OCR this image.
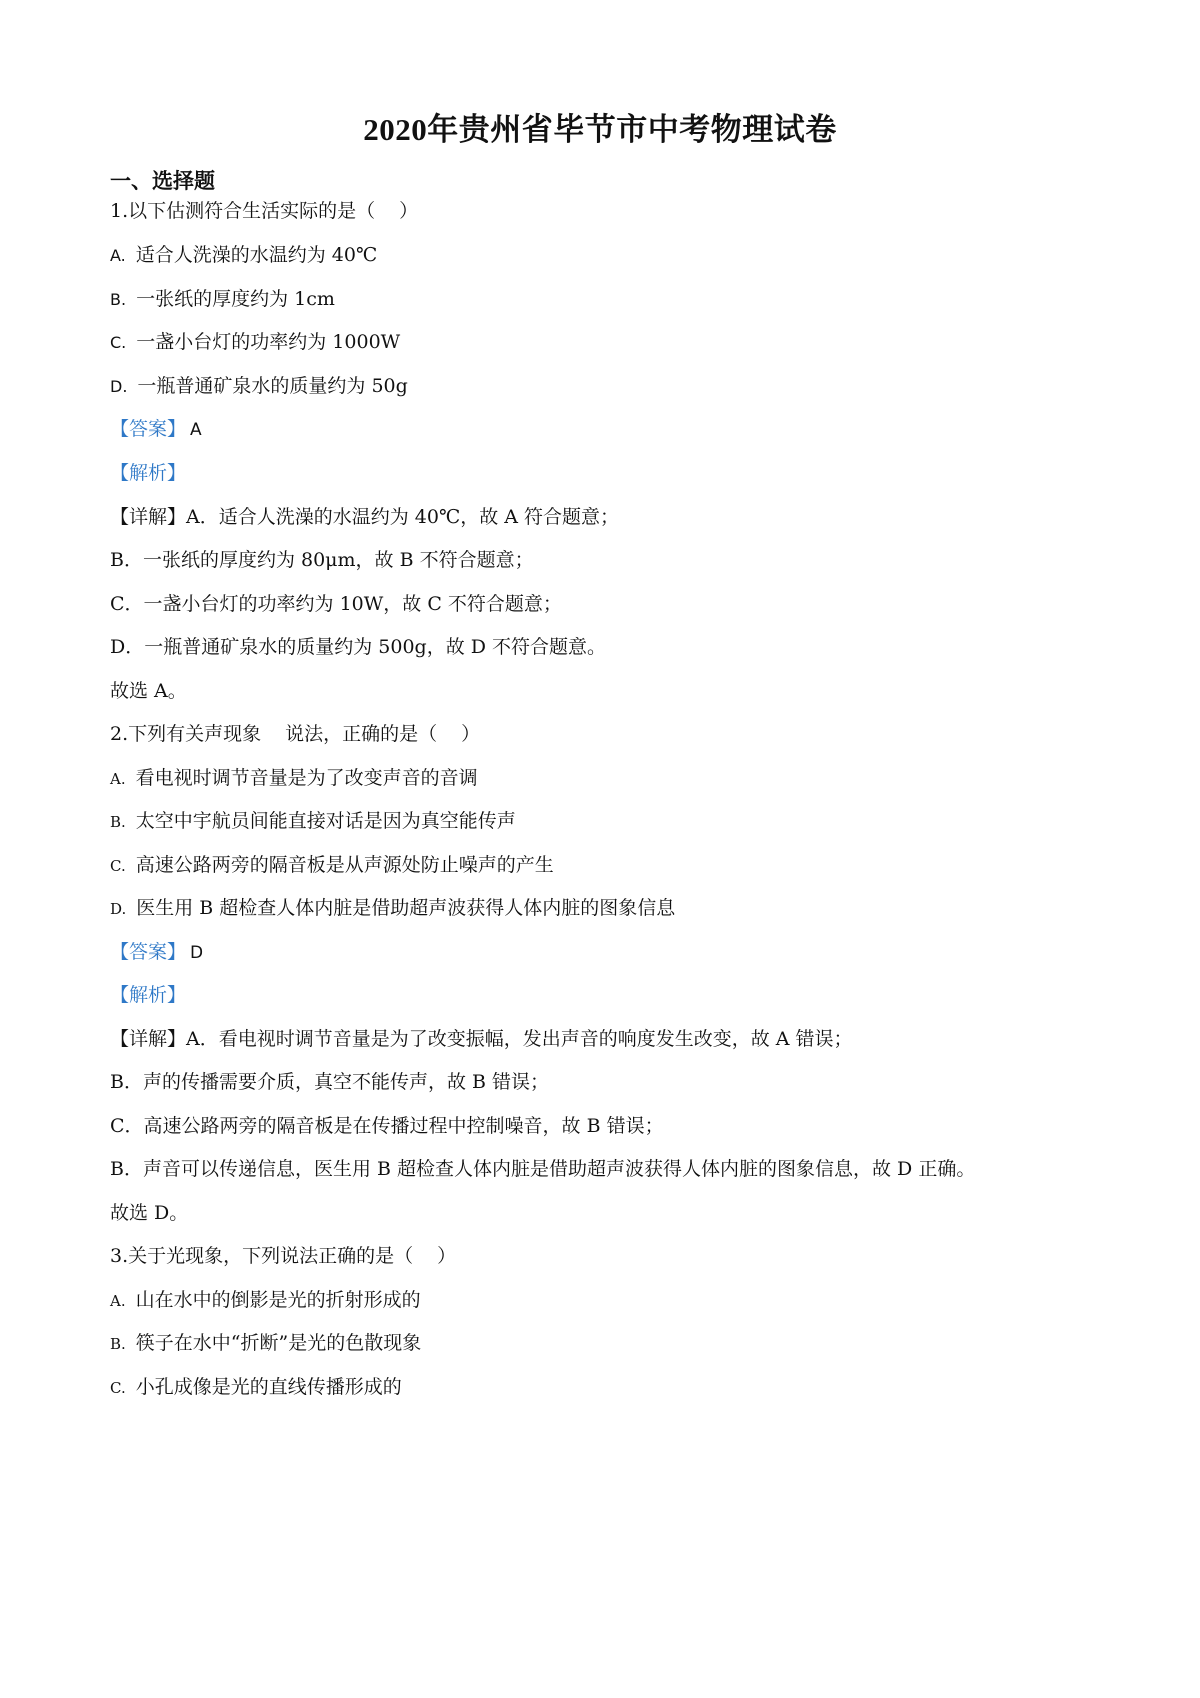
2020年贵州省毕节市中考物理试卷
一、选择题
1.以下估测符合生活实际的是（ ）
A. 适合人洗澡的水温约为 40℃
B. 一张纸的厚度约为 1cm
C. 一盏小台灯的功率约为 1000W
D. 一瓶普通矿泉水的质量约为 50g
【答案】 A
【解析】
【详解】A．适合人洗澡的水温约为 40℃，故 A 符合题意；
B．一张纸的厚度约为 80μm，故 B 不符合题意；
C．一盏小台灯的功率约为 10W，故 C 不符合题意；
D．一瓶普通矿泉水的质量约为 500g，故 D 不符合题意。
故选 A。
2.下列有关声现象 说法，正确的是（ ）
A. 看电视时调节音量是为了改变声音的音调
B. 太空中宇航员间能直接对话是因为真空能传声
C. 高速公路两旁的隔音板是从声源处防止噪声的产生
D. 医生用 B 超检查人体内脏是借助超声波获得人体内脏的图象信息
【答案】 D
【解析】
【详解】A．看电视时调节音量是为了改变振幅，发出声音的响度发生改变，故 A 错误；
B．声的传播需要介质，真空不能传声，故 B 错误；
C．高速公路两旁的隔音板是在传播过程中控制噪音，故 B 错误；
B．声音可以传递信息，医生用 B 超检查人体内脏是借助超声波获得人体内脏的图象信息，故 D 正确。
故选 D。
3.关于光现象，下列说法正确的是（ ）
A. 山在水中的倒影是光的折射形成的
B. 筷子在水中“折断”是光的色散现象
C. 小孔成像是光的直线传播形成的
